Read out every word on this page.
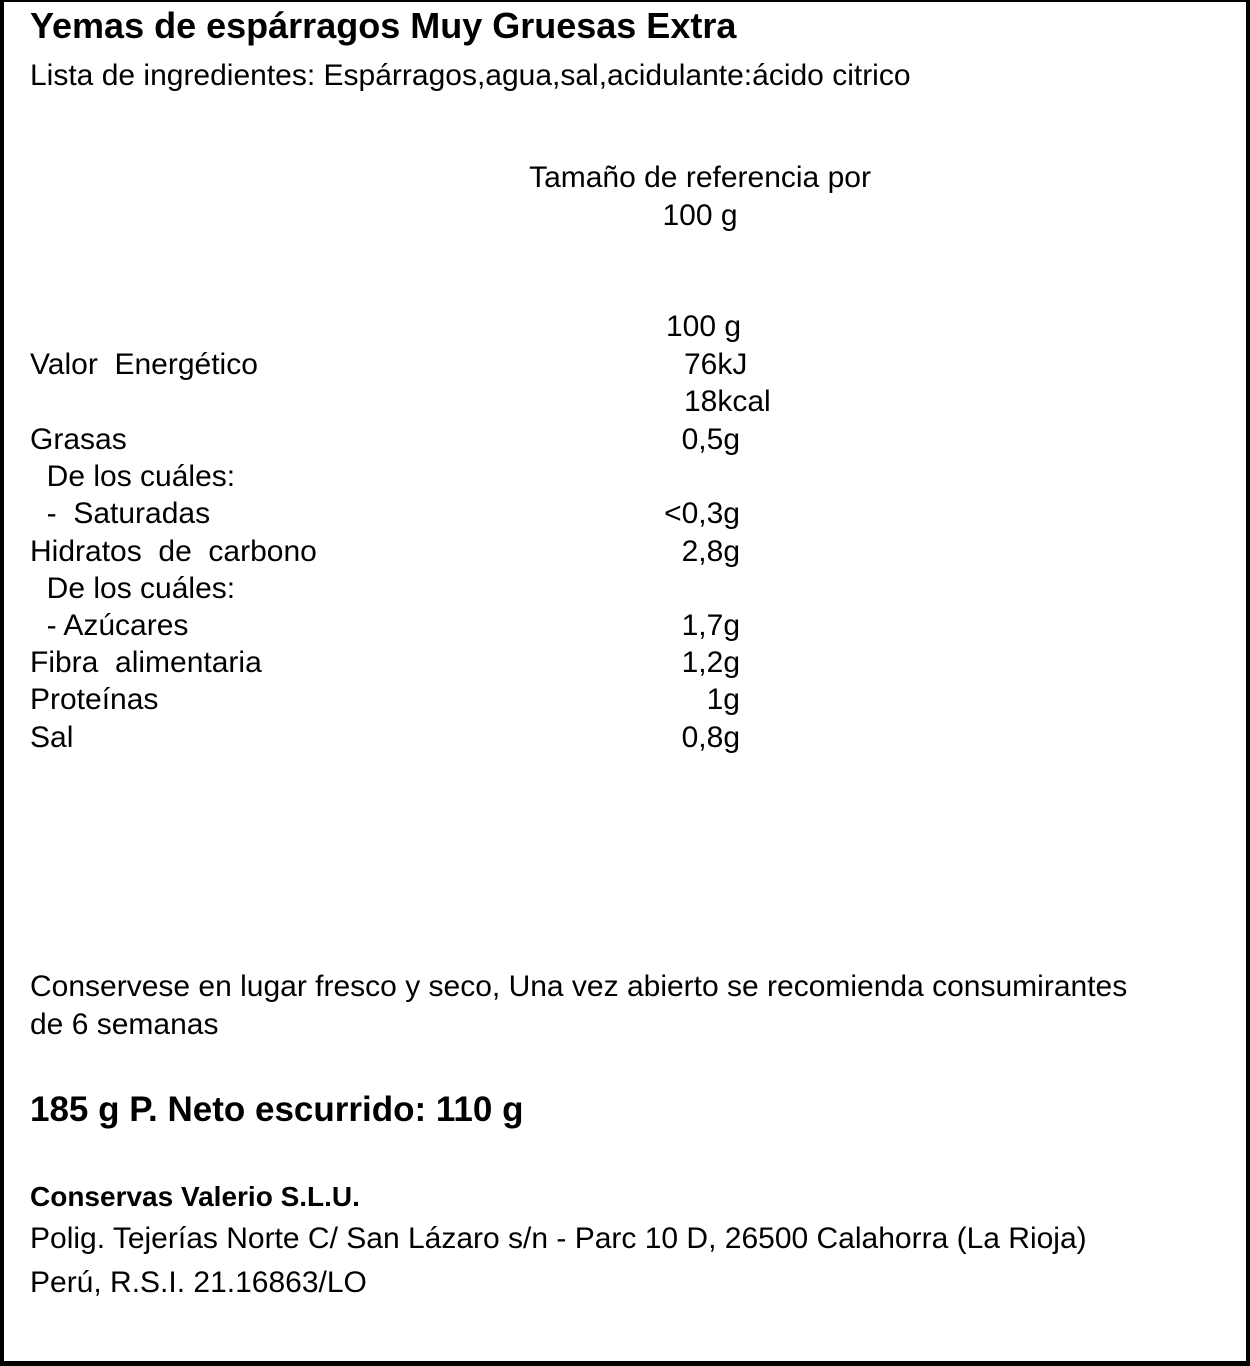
Yemas de espárragos Muy Gruesas Extra
Lista de ingredientes: Espárragos,agua,sal,acidulante:ácido citrico
Tamaño de referencia por
100 g
100 g
Valor  Energético	76kJ
18kcal
Grasas	0,5g
De los cuáles:
-  Saturadas	<0,3g
Hidratos  de  carbono	2,8g
De los cuáles:
- Azúcares	1,7g
Fibra  alimentaria	1,2g
Proteínas	1g
Sal	0,8g
Conservese en lugar fresco y seco, Una vez abierto se recomienda consumirantes
de 6 semanas
185 g P. Neto escurrido: 110 g
Conservas Valerio S.L.U.
Polig. Tejerías Norte C/ San Lázaro s/n - Parc 10 D, 26500 Calahorra (La Rioja)
Perú, R.S.I. 21.16863/LO
